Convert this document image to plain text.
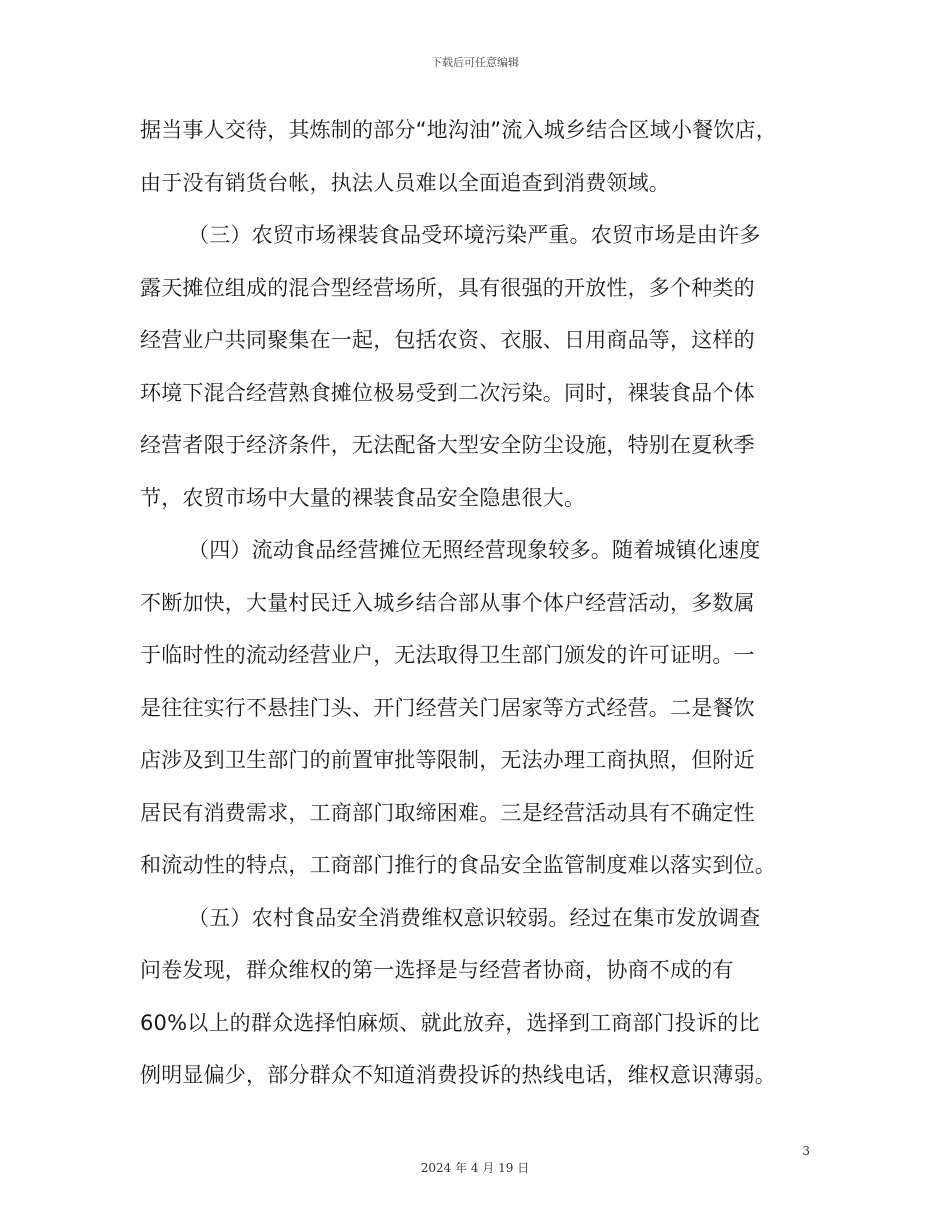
下载后可任意编辑
据当事人交待，其炼制的部分“地沟油”流入城乡结合区域小餐饮店，
由于没有销货台帐，执法人员难以全面追查到消费领域。
（三）农贸市场裸装食品受环境污染严重。农贸市场是由许多
露天摊位组成的混合型经营场所，具有很强的开放性，多个种类的
经营业户共同聚集在一起，包括农资、衣服、日用商品等，这样的
环境下混合经营熟食摊位极易受到二次污染。同时，裸装食品个体
经营者限于经济条件，无法配备大型安全防尘设施，特别在夏秋季
节，农贸市场中大量的裸装食品安全隐患很大。
（四）流动食品经营摊位无照经营现象较多。随着城镇化速度
不断加快，大量村民迁入城乡结合部从事个体户经营活动，多数属
于临时性的流动经营业户，无法取得卫生部门颁发的许可证明。一
是往往实行不悬挂门头、开门经营关门居家等方式经营。二是餐饮
店涉及到卫生部门的前置审批等限制，无法办理工商执照，但附近
居民有消费需求，工商部门取缔困难。三是经营活动具有不确定性
和流动性的特点，工商部门推行的食品安全监管制度难以落实到位。
（五）农村食品安全消费维权意识较弱。经过在集市发放调查
问卷发现，群众维权的第一选择是与经营者协商，协商不成的有
60%以上的群众选择怕麻烦、就此放弃，选择到工商部门投诉的比
例明显偏少，部分群众不知道消费投诉的热线电话，维权意识薄弱。
3
2024 年 4 月 19 日
